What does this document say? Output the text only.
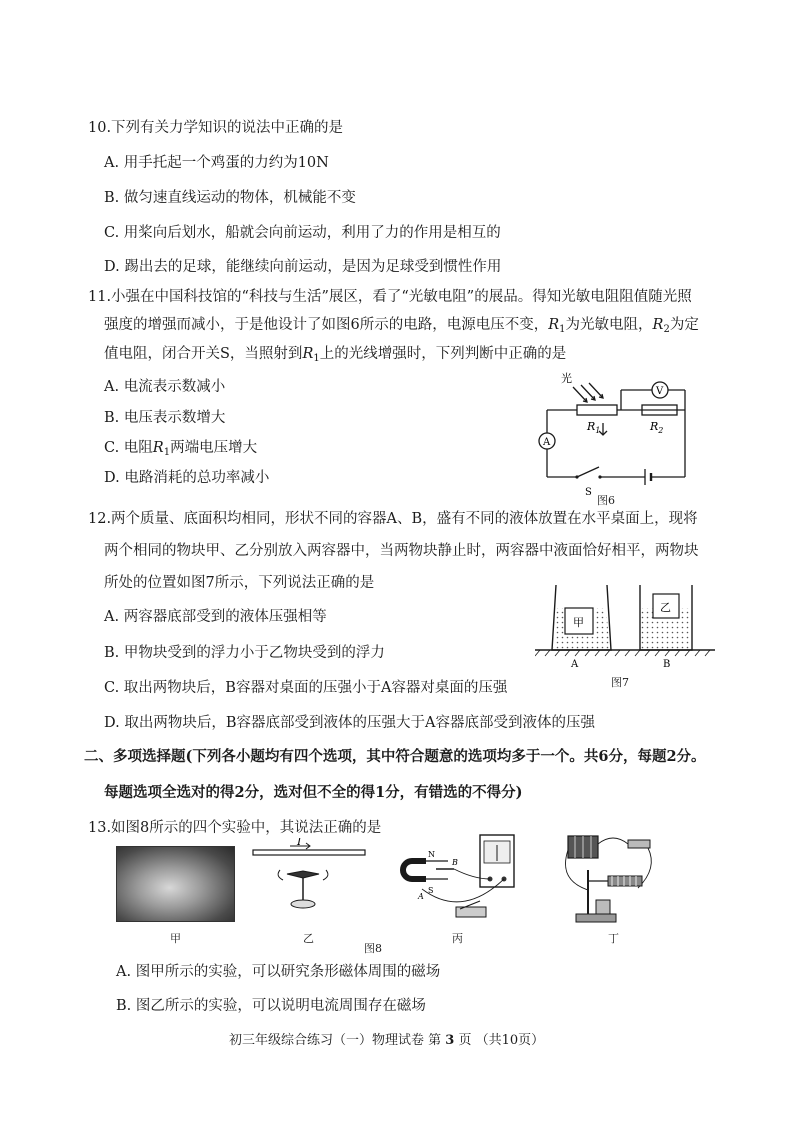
10.下列有关力学知识的说法中正确的是
A. 用手托起一个鸡蛋的力约为10N
B. 做匀速直线运动的物体，机械能不变
C. 用桨向后划水，船就会向前运动，利用了力的作用是相互的
D. 踢出去的足球，能继续向前运动，是因为足球受到惯性作用
11.小强在中国科技馆的“科技与生活”展区，看了“光敏电阻”的展品。得知光敏电阻阻值随光照
强度的增强而减小，于是他设计了如图6所示的电路，电源电压不变，$R_1$为光敏电阻，$R_2$为定
值电阻，闭合开关S，当照射到$R_1$上的光线增强时，下列判断中正确的是
A. 电流表示数减小
B. 电压表示数增大
C. 电阻$R_1$两端电压增大
D. 电路消耗的总功率减小
光
V
A
$R_1$	$R_2$
S
图6
12.两个质量、底面积均相同，形状不同的容器A、B，盛有不同的液体放置在水平桌面上，现将
两个相同的物块甲、乙分别放入两容器中，当两物块静止时，两容器中液面恰好相平，两物块
所处的位置如图7所示，下列说法正确的是
A. 两容器底部受到的液体压强相等
B. 甲物块受到的浮力小于乙物块受到的浮力
C. 取出两物块后，B容器对桌面的压强小于A容器对桌面的压强
D. 取出两物块后，B容器底部受到液体的压强大于A容器底部受到液体的压强
甲
乙
A	B
图7
二、多项选择题(下列各小题均有四个选项，其中符合题意的选项均多于一个。共6分，每题2分。
每题选项全选对的得2分，选对但不全的得1分，有错选的不得分)
13.如图8所示的四个实验中，其说法正确的是
I
N
S
A
B
甲	乙	丙	丁
图8
A. 图甲所示的实验，可以研究条形磁体周围的磁场
B. 图乙所示的实验，可以说明电流周围存在磁场
初三年级综合练习（一）物理试卷 第 3 页 （共10页）
